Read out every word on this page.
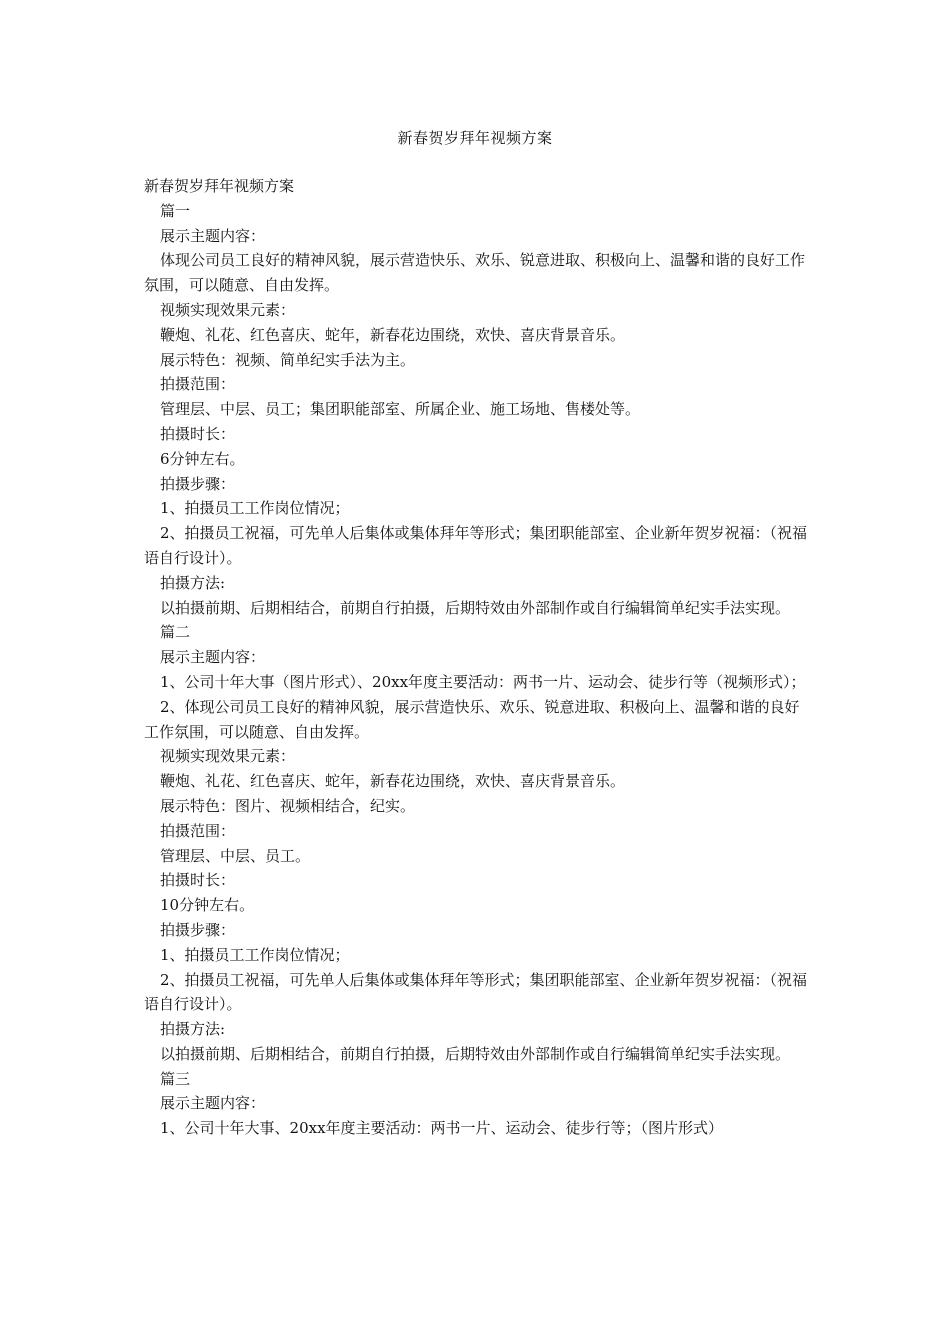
新春贺岁拜年视频方案

新春贺岁拜年视频方案

篇一

展示主题内容：

体现公司员工良好的精神风貌，展示营造快乐、欢乐、锐意进取、积极向上、温馨和谐的良好工作氛围，可以随意、自由发挥。

视频实现效果元素：

鞭炮、礼花、红色喜庆、蛇年，新春花边围绕，欢快、喜庆背景音乐。

展示特色：视频、简单纪实手法为主。

拍摄范围：

管理层、中层、员工；集团职能部室、所属企业、施工场地、售楼处等。

拍摄时长：

6分钟左右。

拍摄步骤：

1、拍摄员工工作岗位情况；

2、拍摄员工祝福，可先单人后集体或集体拜年等形式；集团职能部室、企业新年贺岁祝福：（祝福语自行设计）。

拍摄方法:

以拍摄前期、后期相结合，前期自行拍摄，后期特效由外部制作或自行编辑简单纪实手法实现。

篇二

展示主题内容：

1、公司十年大事（图片形式）、20xx年度主要活动：两书一片、运动会、徒步行等（视频形式）；

2、体现公司员工良好的精神风貌，展示营造快乐、欢乐、锐意进取、积极向上、温馨和谐的良好工作氛围，可以随意、自由发挥。

视频实现效果元素：

鞭炮、礼花、红色喜庆、蛇年，新春花边围绕，欢快、喜庆背景音乐。

展示特色：图片、视频相结合，纪实。

拍摄范围：

管理层、中层、员工。

拍摄时长：

10分钟左右。

拍摄步骤：

1、拍摄员工工作岗位情况；

2、拍摄员工祝福，可先单人后集体或集体拜年等形式；集团职能部室、企业新年贺岁祝福：（祝福语自行设计）。

拍摄方法:

以拍摄前期、后期相结合，前期自行拍摄，后期特效由外部制作或自行编辑简单纪实手法实现。

篇三

展示主题内容：

1、公司十年大事、20xx年度主要活动：两书一片、运动会、徒步行等；（图片形式）
